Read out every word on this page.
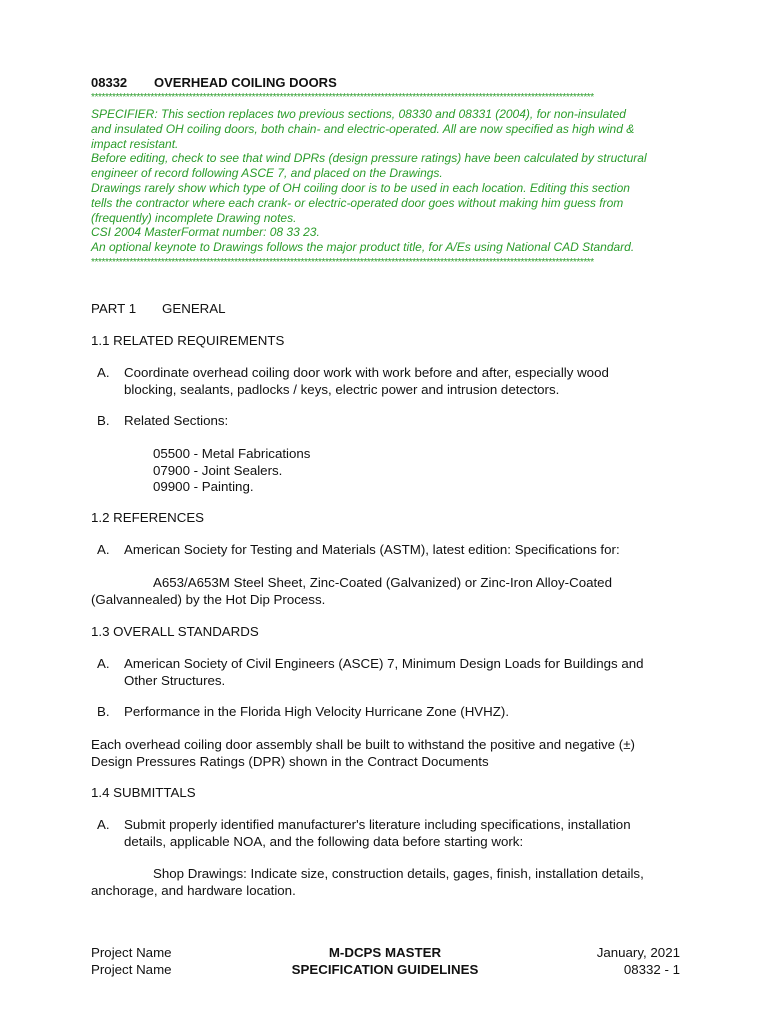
08332 OVERHEAD COILING DOORS
************************************************************************************************************************************************
SPECIFIER: This section replaces two previous sections, 08330 and 08331 (2004), for non-insulated
and insulated OH coiling doors, both chain- and electric-operated. All are now specified as high wind &
impact resistant.
Before editing, check to see that wind DPRs (design pressure ratings) have been calculated by structural
engineer of record following ASCE 7, and placed on the Drawings.
Drawings rarely show which type of OH coiling door is to be used in each location. Editing this section
tells the contractor where each crank- or electric-operated door goes without making him guess from
(frequently) incomplete Drawing notes.
CSI 2004 MasterFormat number: 08 33 23.
An optional keynote to Drawings follows the major product title, for A/Es using National CAD Standard.
************************************************************************************************************************************************
PART 1 GENERAL
1.1 RELATED REQUIREMENTS
A. Coordinate overhead coiling door work with work before and after, especially wood
blocking, sealants, padlocks / keys, electric power and intrusion detectors.
B. Related Sections:
05500 - Metal Fabrications
07900 - Joint Sealers.
09900 - Painting.
1.2 REFERENCES
A. American Society for Testing and Materials (ASTM), latest edition: Specifications for:
A653/A653M Steel Sheet, Zinc-Coated (Galvanized) or Zinc-Iron Alloy-Coated
(Galvannealed) by the Hot Dip Process.
1.3 OVERALL STANDARDS
A. American Society of Civil Engineers (ASCE) 7, Minimum Design Loads for Buildings and
Other Structures.
B. Performance in the Florida High Velocity Hurricane Zone (HVHZ).
Each overhead coiling door assembly shall be built to withstand the positive and negative (±)
Design Pressures Ratings (DPR) shown in the Contract Documents
1.4 SUBMITTALS
A. Submit properly identified manufacturer's literature including specifications, installation
details, applicable NOA, and the following data before starting work:
Shop Drawings: Indicate size, construction details, gages, finish, installation details,
anchorage, and hardware location.
Project Name
Project Name
M-DCPS MASTER
SPECIFICATION GUIDELINES
January, 2021
08332 - 1
